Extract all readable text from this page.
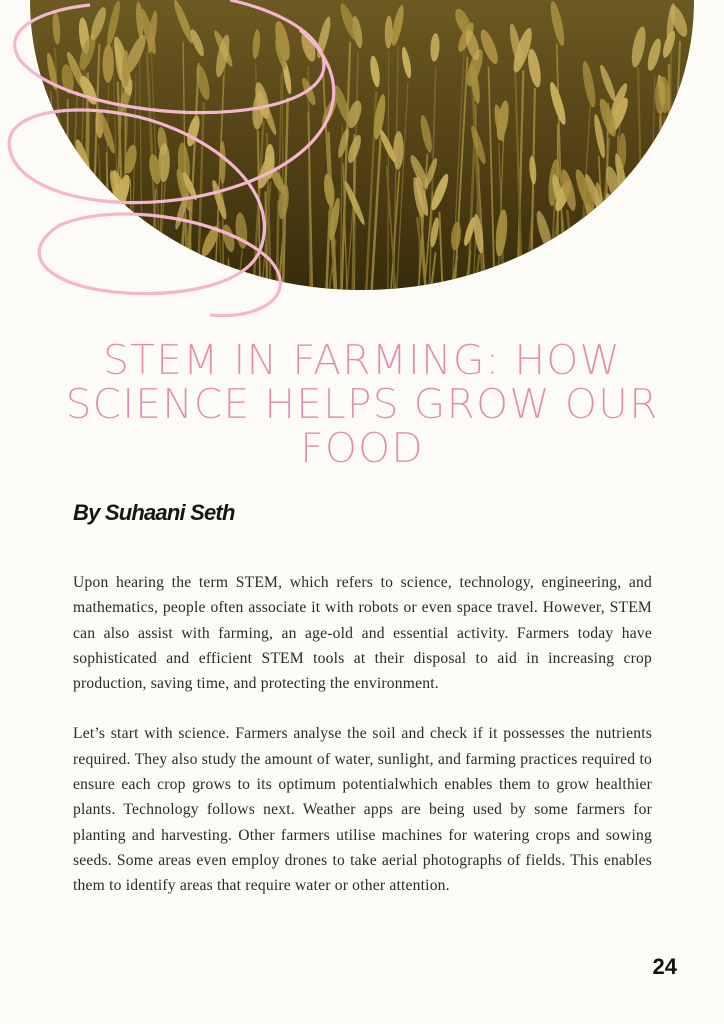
STEM IN FARMING: HOW SCIENCE HELPS GROW OUR FOOD
By Suhaani Seth

Upon hearing the term STEM, which refers to science, technology, engineering, and mathematics, people often associate it with robots or even space travel. However, STEM can also assist with farming, an age-old and essential activity. Farmers today have sophisticated and efficient STEM tools at their disposal to aid in increasing crop production, saving time, and protecting the environment.

Let’s start with science. Farmers analyse the soil and check if it possesses the nutrients required. They also study the amount of water, sunlight, and farming practices required to ensure each crop grows to its optimum potentialwhich enables them to grow healthier plants. Technology follows next. Weather apps are being used by some farmers for planting and harvesting. Other farmers utilise machines for watering crops and sowing seeds. Some areas even employ drones to take aerial photographs of fields. This enables them to identify areas that require water or other attention.

24
